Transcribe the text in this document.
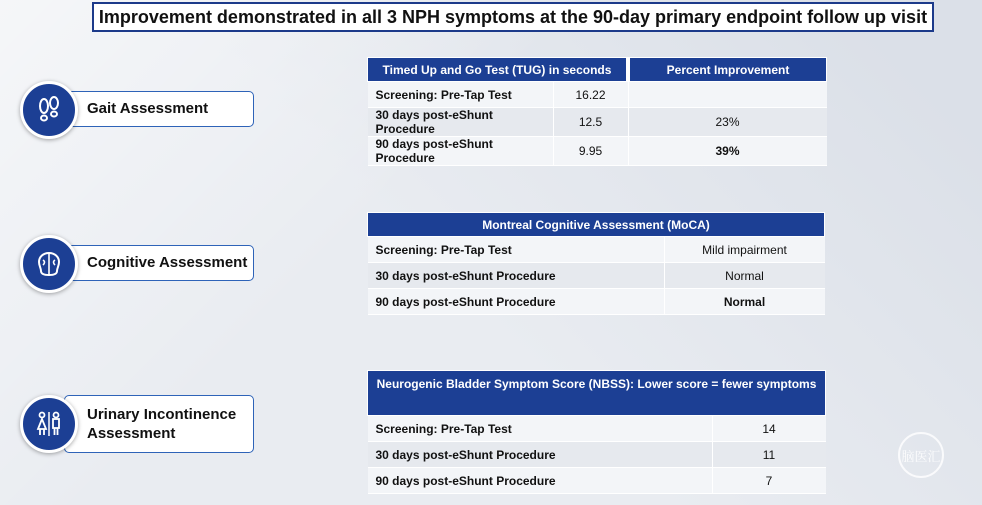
Improvement demonstrated in all 3 NPH symptoms at the 90-day primary endpoint follow up visit
Gait Assessment
Cognitive Assessment
Urinary Incontinence Assessment
Timed Up and Go Test (TUG) in seconds		Percent Improvement
Screening: Pre-Tap Test	16.22	
30 days post-eShunt Procedure	12.5	23%
90 days post-eShunt Procedure	9.95	39%
Montreal Cognitive Assessment (MoCA)	
Screening: Pre-Tap Test	Mild impairment
30 days post-eShunt Procedure	Normal
90 days post-eShunt Procedure	Normal
Neurogenic Bladder Symptom Score (NBSS): Lower score = fewer symptoms	
Screening: Pre-Tap Test	14
30 days post-eShunt Procedure	11
90 days post-eShunt Procedure	7
脑医汇
